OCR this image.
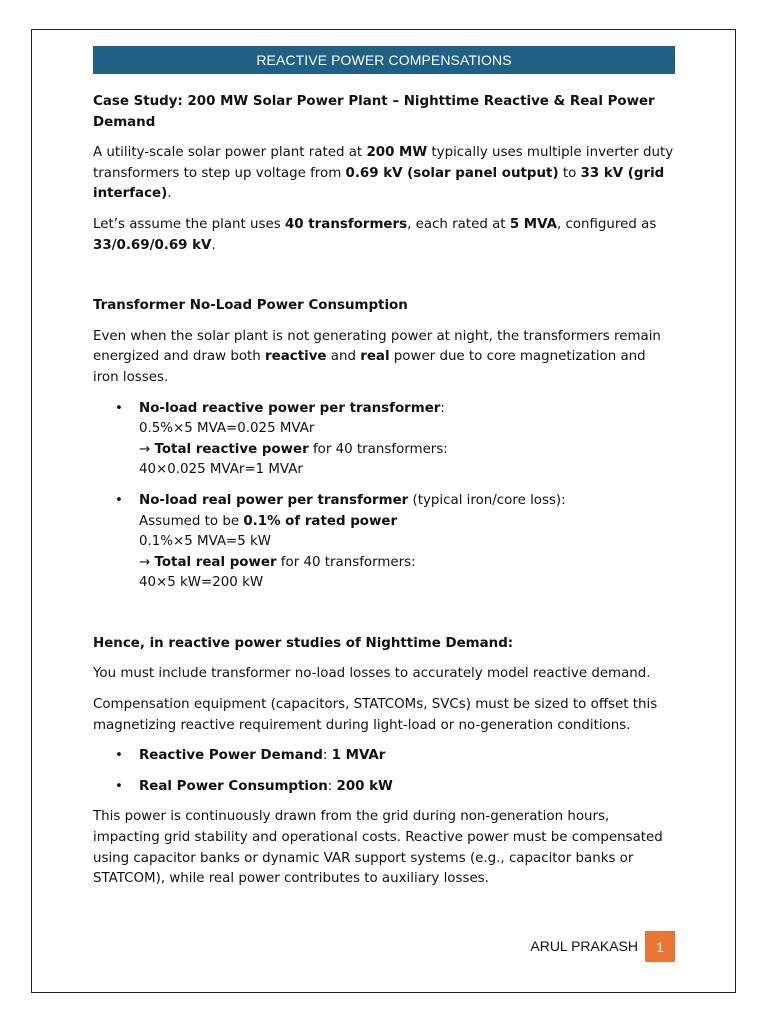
REACTIVE POWER COMPENSATIONS

Case Study: 200 MW Solar Power Plant – Nighttime Reactive & Real Power Demand

A utility-scale solar power plant rated at 200 MW typically uses multiple inverter duty transformers to step up voltage from 0.69 kV (solar panel output) to 33 kV (grid interface).

Let’s assume the plant uses 40 transformers, each rated at 5 MVA, configured as 33/0.69/0.69 kV.

Transformer No-Load Power Consumption

Even when the solar plant is not generating power at night, the transformers remain energized and draw both reactive and real power due to core magnetization and iron losses.

• No-load reactive power per transformer:
0.5%×5 MVA=0.025 MVAr
→ Total reactive power for 40 transformers:
40×0.025 MVAr=1 MVAr
• No-load real power per transformer (typical iron/core loss):
Assumed to be 0.1% of rated power
0.1%×5 MVA=5 kW
→ Total real power for 40 transformers:
40×5 kW=200 kW

Hence, in reactive power studies of Nighttime Demand:

You must include transformer no-load losses to accurately model reactive demand.

Compensation equipment (capacitors, STATCOMs, SVCs) must be sized to offset this magnetizing reactive requirement during light-load or no-generation conditions.

• Reactive Power Demand: 1 MVAr
• Real Power Consumption: 200 kW

This power is continuously drawn from the grid during non-generation hours, impacting grid stability and operational costs. Reactive power must be compensated using capacitor banks or dynamic VAR support systems (e.g., capacitor banks or STATCOM), while real power contributes to auxiliary losses.

ARUL PRAKASH 1
